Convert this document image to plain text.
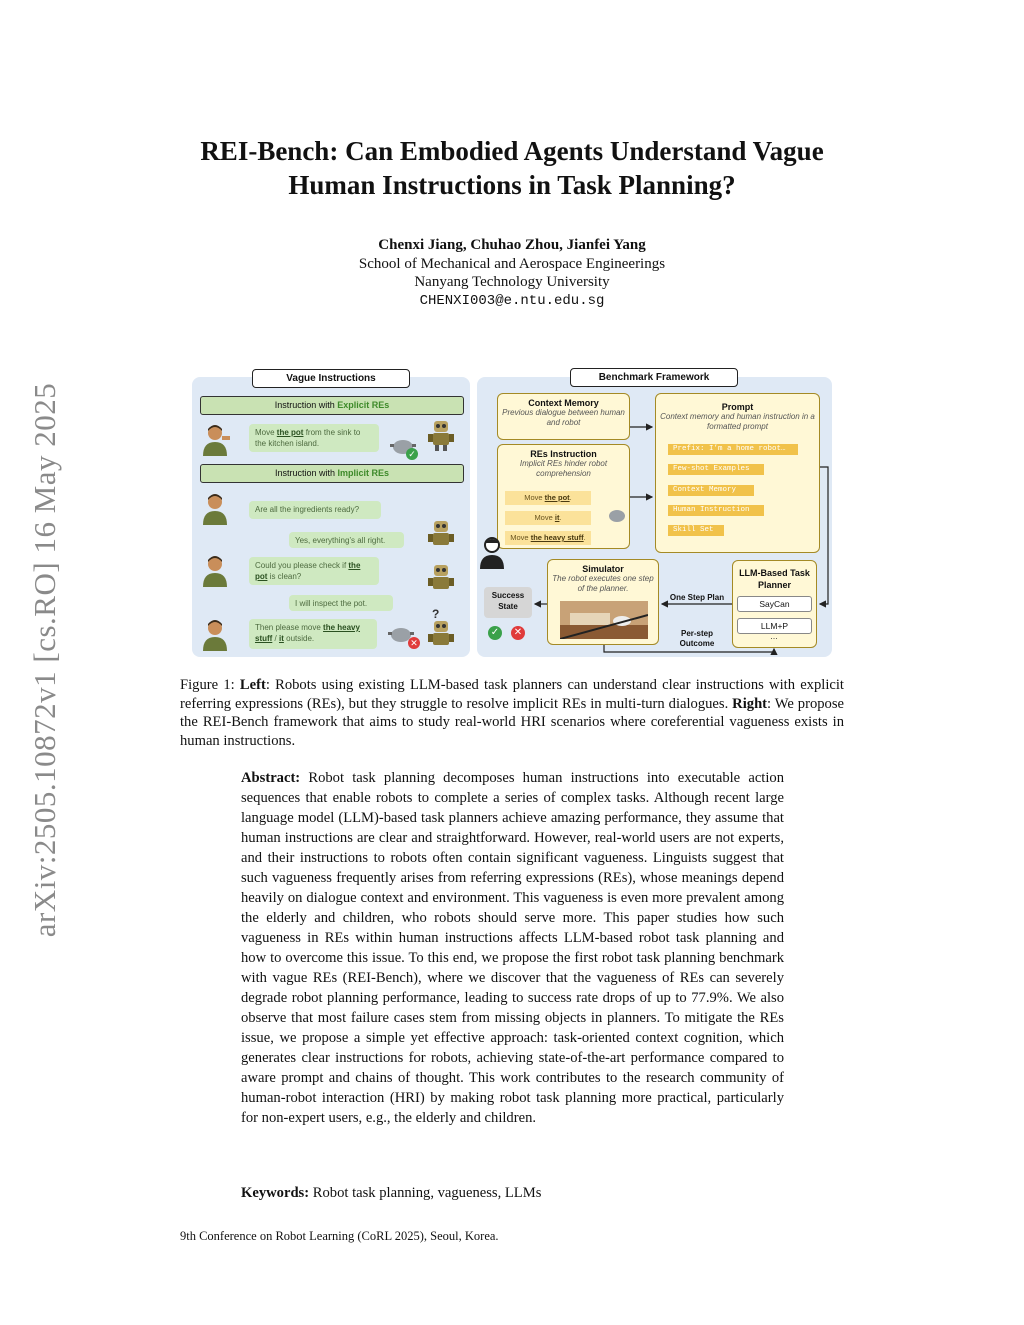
arXiv:2505.10872v1 [cs.RO] 16 May 2025
REI-Bench: Can Embodied Agents Understand Vague
Human Instructions in Task Planning?
Chenxi Jiang, Chuhao Zhou, Jianfei Yang
School of Mechanical and Aerospace Engineerings
Nanyang Technology University
CHENXI003@e.ntu.edu.sg
Vague Instructions
Instruction with Explicit REs
Move the pot from the sink to the kitchen island.
✓
Instruction with Implicit REs
Are all the ingredients ready?
Yes, everything’s all right.
Could you please check if the pot is clean?
I will inspect the pot.
Then please move the heavy stuff / it outside.	✕
?
Benchmark Framework
Context Memory
Previous dialogue between human and robot
REs Instruction
Implicit REs hinder robot comprehension
Move the pot.
Move it.
Move the heavy stuff.
Prompt
Context memory and human instruction in a formatted prompt
Prefix: I’m a home robot…
Few-shot Examples
Context Memory
Human Instruction
Skill Set
Simulator
The robot executes one step of the planner.
LLM-Based Task Planner
SayCan
LLM+P
…
One Step Plan
Per-step Outcome
Success State
✓ ✕

Figure 1: Left: Robots using existing LLM-based task planners can understand clear instructions with explicit referring expressions (REs), but they struggle to resolve implicit REs in multi-turn dialogues. Right: We propose the REI-Bench framework that aims to study real-world HRI scenarios where coreferential vagueness exists in human instructions.

Abstract: Robot task planning decomposes human instructions into executable action sequences that enable robots to complete a series of complex tasks. Although recent large language model (LLM)-based task planners achieve amazing performance, they assume that human instructions are clear and straightforward. However, real-world users are not experts, and their instructions to robots often contain significant vagueness. Linguists suggest that such vagueness frequently arises from referring expressions (REs), whose meanings depend heavily on dialogue context and environment. This vagueness is even more prevalent among the elderly and children, who robots should serve more. This paper studies how such vagueness in REs within human instructions affects LLM-based robot task planning and how to overcome this issue. To this end, we propose the first robot task planning benchmark with vague REs (REI-Bench), where we discover that the vagueness of REs can severely degrade robot planning performance, leading to success rate drops of up to 77.9%. We also observe that most failure cases stem from missing objects in planners. To mitigate the REs issue, we propose a simple yet effective approach: task-oriented context cognition, which generates clear instructions for robots, achieving state-of-the-art performance compared to aware prompt and chains of thought. This work contributes to the research community of human-robot interaction (HRI) by making robot task planning more practical, particularly for non-expert users, e.g., the elderly and children.

Keywords: Robot task planning, vagueness, LLMs

9th Conference on Robot Learning (CoRL 2025), Seoul, Korea.
